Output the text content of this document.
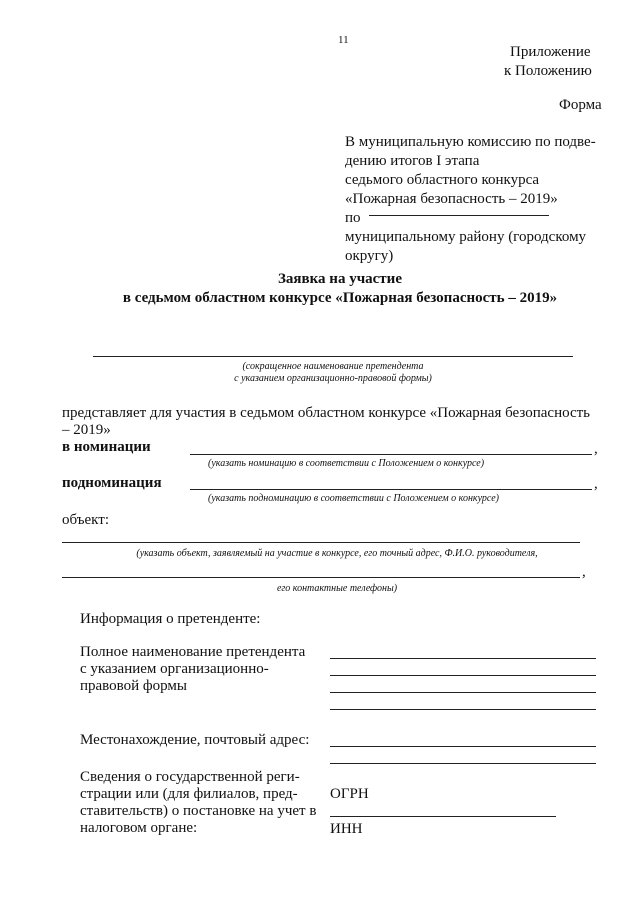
11
Приложение
к Положению
Форма
В муниципальную комиссию по подве-
дению итогов I этапа
седьмого областного конкурса
«Пожарная безопасность – 2019»
по
муниципальному району (городскому
округу)
Заявка на участие
в седьмом областном конкурсе «Пожарная безопасность – 2019»
(сокращенное наименование претендента
с указанием организационно-правовой формы)
представляет для участия в седьмом областном конкурсе «Пожарная безопасность
– 2019»
в номинации	,
(указать номинацию в соответствии с Положением о конкурсе)
подноминация	,
(указать подноминацию в соответствии с Положением о конкурсе)
объект:
(указать объект, заявляемый на участие в конкурсе, его точный адрес, Ф.И.О. руководителя,
,
его контактные телефоны)
Информация о претенденте:
Полное наименование претендента
с указанием организационно-
правовой формы
Местонахождение, почтовый адрес:
Сведения о государственной реги-
страции или (для филиалов, пред-
ставительств) о постановке на учет в
налоговом органе:
ОГРН
ИНН
